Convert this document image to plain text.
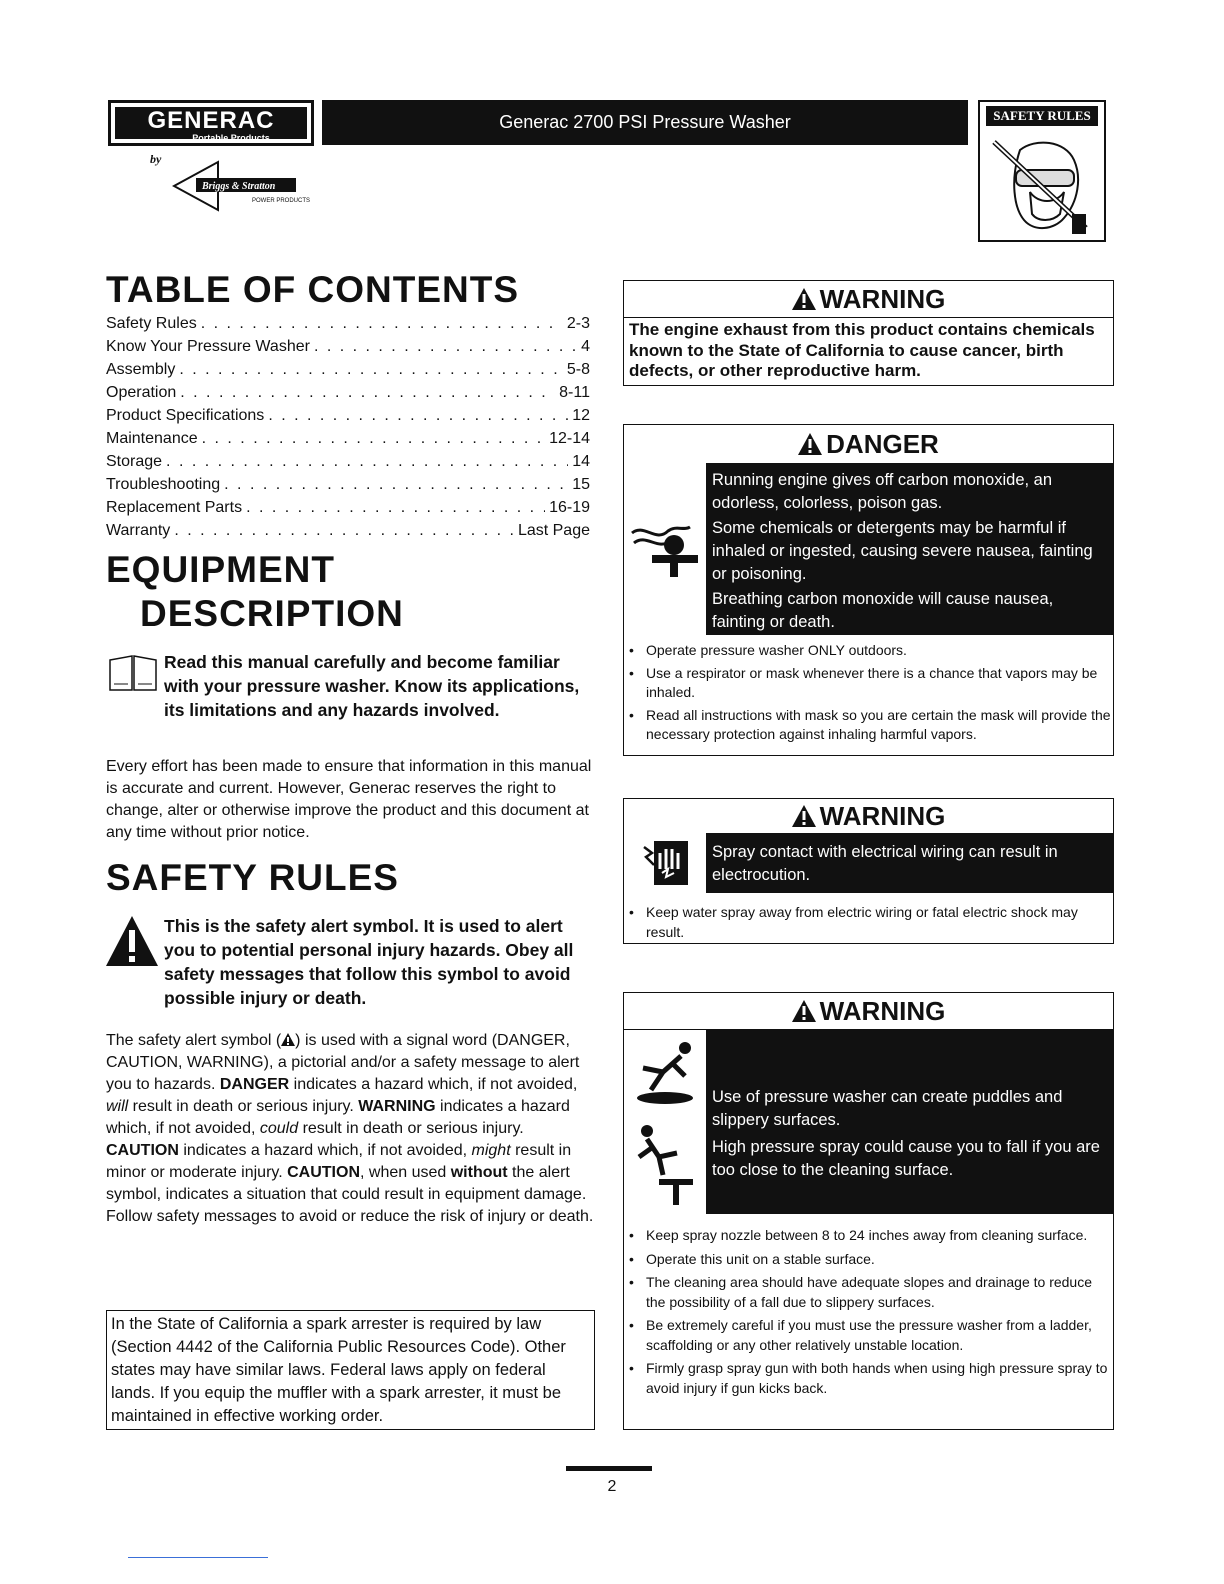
GENERAC
Portable Products
by
Briggs & Stratton
POWER PRODUCTS
Generac 2700 PSI Pressure Washer	SAFETY RULES
TABLE OF CONTENTS
Safety Rules . . .	2-3
Know Your Pressure Washer . . .	4
Assembly . . .	5-8
Operation . . .	8-11
Product Specifications . . .	12
Maintenance . . .	12-14
Storage . . .	14
Troubleshooting . . .	15
Replacement Parts . . .	16-19
Warranty . . .	Last Page
EQUIPMENT
DESCRIPTION
Read this manual carefully and become familiar with your pressure washer. Know its applications, its limitations and any hazards involved.
Every effort has been made to ensure that information in this manual is accurate and current. However, Generac reserves the right to change, alter or otherwise improve the product and this document at any time without prior notice.
SAFETY RULES
This is the safety alert symbol. It is used to alert you to potential personal injury hazards. Obey all safety messages that follow this symbol to avoid possible injury or death.
The safety alert symbol ( ) is used with a signal word (DANGER, CAUTION, WARNING), a pictorial and/or a safety message to alert you to hazards. DANGER indicates a hazard which, if not avoided, will result in death or serious injury. WARNING indicates a hazard which, if not avoided, could result in death or serious injury. CAUTION indicates a hazard which, if not avoided, might result in minor or moderate injury. CAUTION, when used without the alert symbol, indicates a situation that could result in equipment damage. Follow safety messages to avoid or reduce the risk of injury or death.
In the State of California a spark arrester is required by law (Section 4442 of the California Public Resources Code). Other states may have similar laws. Federal laws apply on federal lands. If you equip the muffler with a spark arrester, it must be maintained in effective working order.
WARNING
The engine exhaust from this product contains chemicals known to the State of California to cause cancer, birth defects, or other reproductive harm.
DANGER
Running engine gives off carbon monoxide, an odorless, colorless, poison gas.
Some chemicals or detergents may be harmful if inhaled or ingested, causing severe nausea, fainting or poisoning.
Breathing carbon monoxide will cause nausea, fainting or death.
• Operate pressure washer ONLY outdoors.
• Use a respirator or mask whenever there is a chance that vapors may be inhaled.
• Read all instructions with mask so you are certain the mask will provide the necessary protection against inhaling harmful vapors.
WARNING
Spray contact with electrical wiring can result in electrocution.
• Keep water spray away from electric wiring or fatal electric shock may result.
WARNING
Use of pressure washer can create puddles and slippery surfaces.
High pressure spray could cause you to fall if you are too close to the cleaning surface.
• Keep spray nozzle between 8 to 24 inches away from cleaning surface.
• Operate this unit on a stable surface.
• The cleaning area should have adequate slopes and drainage to reduce the possibility of a fall due to slippery surfaces.
• Be extremely careful if you must use the pressure washer from a ladder, scaffolding or any other relatively unstable location.
• Firmly grasp spray gun with both hands when using high pressure spray to avoid injury if gun kicks back.
2
